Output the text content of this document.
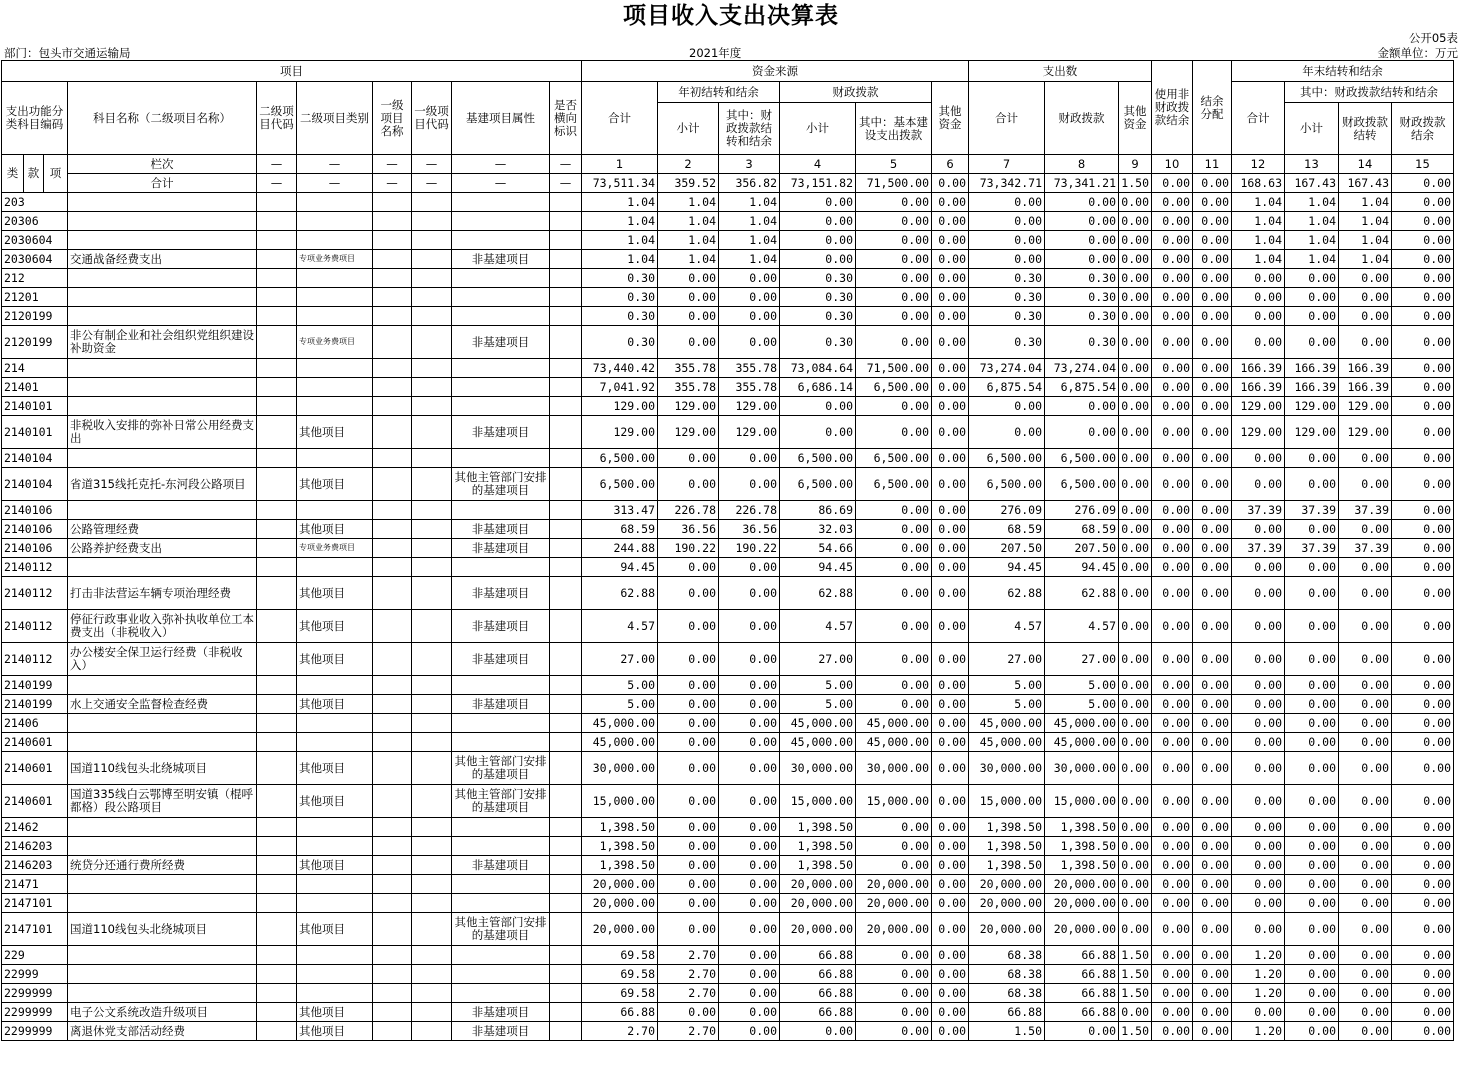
项目收入支出决算表
公开05表
部门：包头市交通运输局	2021年度	金额单位：万元
项目										资金来源						支出数			使用非财政拨款结余	结余分配	年末结转和结余			
支出功能分类科目编码			科目名称（二级项目名称）	二级项目代码	二级项目类别	一级项目名称	一级项目代码	基建项目属性	是否横向标识	合计	年初结转和结余		财政拨款		其他资金	合计	财政拨款	其他资金			合计	其中：财政拨款结转和结余		
											小计	其中：财政拨款结转和结余	小计	其中：基本建设支出拨款								小计	财政拨款结转	财政拨款结余

类	款	项	栏次	—	—	—	—	—	—	1	2	3	4	5	6	7	8	9	10	11	12	13	14	15
			合计	—	—	—	—	—	—	73,511.34	359.52	356.82	73,151.82	71,500.00	0.00	73,342.71	73,341.21	1.50	0.00	0.00	168.63	167.43	167.43	0.00
203										1.04	1.04	1.04	0.00	0.00	0.00	0.00	0.00	0.00	0.00	0.00	1.04	1.04	1.04	0.00
20306										1.04	1.04	1.04	0.00	0.00	0.00	0.00	0.00	0.00	0.00	0.00	1.04	1.04	1.04	0.00
2030604										1.04	1.04	1.04	0.00	0.00	0.00	0.00	0.00	0.00	0.00	0.00	1.04	1.04	1.04	0.00
2030604			交通战备经费支出		专项业务费项目			非基建项目		1.04	1.04	1.04	0.00	0.00	0.00	0.00	0.00	0.00	0.00	0.00	1.04	1.04	1.04	0.00
212										0.30	0.00	0.00	0.30	0.00	0.00	0.30	0.30	0.00	0.00	0.00	0.00	0.00	0.00	0.00
21201										0.30	0.00	0.00	0.30	0.00	0.00	0.30	0.30	0.00	0.00	0.00	0.00	0.00	0.00	0.00
2120199										0.30	0.00	0.00	0.30	0.00	0.00	0.30	0.30	0.00	0.00	0.00	0.00	0.00	0.00	0.00
2120199			非公有制企业和社会组织党组织建设补助资金		专项业务费项目			非基建项目		0.30	0.00	0.00	0.30	0.00	0.00	0.30	0.30	0.00	0.00	0.00	0.00	0.00	0.00	0.00
214										73,440.42	355.78	355.78	73,084.64	71,500.00	0.00	73,274.04	73,274.04	0.00	0.00	0.00	166.39	166.39	166.39	0.00
21401										7,041.92	355.78	355.78	6,686.14	6,500.00	0.00	6,875.54	6,875.54	0.00	0.00	0.00	166.39	166.39	166.39	0.00
2140101										129.00	129.00	129.00	0.00	0.00	0.00	0.00	0.00	0.00	0.00	0.00	129.00	129.00	129.00	0.00
2140101			非税收入安排的弥补日常公用经费支出		其他项目			非基建项目		129.00	129.00	129.00	0.00	0.00	0.00	0.00	0.00	0.00	0.00	0.00	129.00	129.00	129.00	0.00
2140104										6,500.00	0.00	0.00	6,500.00	6,500.00	0.00	6,500.00	6,500.00	0.00	0.00	0.00	0.00	0.00	0.00	0.00
2140104			省道315线托克托-东河段公路项目		其他项目			其他主管部门安排的基建项目		6,500.00	0.00	0.00	6,500.00	6,500.00	0.00	6,500.00	6,500.00	0.00	0.00	0.00	0.00	0.00	0.00	0.00
2140106										313.47	226.78	226.78	86.69	0.00	0.00	276.09	276.09	0.00	0.00	0.00	37.39	37.39	37.39	0.00
2140106			公路管理经费		其他项目			非基建项目		68.59	36.56	36.56	32.03	0.00	0.00	68.59	68.59	0.00	0.00	0.00	0.00	0.00	0.00	0.00
2140106			公路养护经费支出		专项业务费项目			非基建项目		244.88	190.22	190.22	54.66	0.00	0.00	207.50	207.50	0.00	0.00	0.00	37.39	37.39	37.39	0.00
2140112										94.45	0.00	0.00	94.45	0.00	0.00	94.45	94.45	0.00	0.00	0.00	0.00	0.00	0.00	0.00
2140112			打击非法营运车辆专项治理经费		其他项目			非基建项目		62.88	0.00	0.00	62.88	0.00	0.00	62.88	62.88	0.00	0.00	0.00	0.00	0.00	0.00	0.00
2140112			停征行政事业收入弥补执收单位工本费支出（非税收入）		其他项目			非基建项目		4.57	0.00	0.00	4.57	0.00	0.00	4.57	4.57	0.00	0.00	0.00	0.00	0.00	0.00	0.00
2140112			办公楼安全保卫运行经费（非税收入）		其他项目			非基建项目		27.00	0.00	0.00	27.00	0.00	0.00	27.00	27.00	0.00	0.00	0.00	0.00	0.00	0.00	0.00
2140199										5.00	0.00	0.00	5.00	0.00	0.00	5.00	5.00	0.00	0.00	0.00	0.00	0.00	0.00	0.00
2140199			水上交通安全监督检查经费		其他项目			非基建项目		5.00	0.00	0.00	5.00	0.00	0.00	5.00	5.00	0.00	0.00	0.00	0.00	0.00	0.00	0.00
21406										45,000.00	0.00	0.00	45,000.00	45,000.00	0.00	45,000.00	45,000.00	0.00	0.00	0.00	0.00	0.00	0.00	0.00
2140601										45,000.00	0.00	0.00	45,000.00	45,000.00	0.00	45,000.00	45,000.00	0.00	0.00	0.00	0.00	0.00	0.00	0.00
2140601			国道110线包头北绕城项目		其他项目			其他主管部门安排的基建项目		30,000.00	0.00	0.00	30,000.00	30,000.00	0.00	30,000.00	30,000.00	0.00	0.00	0.00	0.00	0.00	0.00	0.00
2140601			国道335线白云鄂博至明安镇（棍呼都格）段公路项目		其他项目			其他主管部门安排的基建项目		15,000.00	0.00	0.00	15,000.00	15,000.00	0.00	15,000.00	15,000.00	0.00	0.00	0.00	0.00	0.00	0.00	0.00
21462										1,398.50	0.00	0.00	1,398.50	0.00	0.00	1,398.50	1,398.50	0.00	0.00	0.00	0.00	0.00	0.00	0.00
2146203										1,398.50	0.00	0.00	1,398.50	0.00	0.00	1,398.50	1,398.50	0.00	0.00	0.00	0.00	0.00	0.00	0.00
2146203			统贷分还通行费所经费		其他项目			非基建项目		1,398.50	0.00	0.00	1,398.50	0.00	0.00	1,398.50	1,398.50	0.00	0.00	0.00	0.00	0.00	0.00	0.00
21471										20,000.00	0.00	0.00	20,000.00	20,000.00	0.00	20,000.00	20,000.00	0.00	0.00	0.00	0.00	0.00	0.00	0.00
2147101										20,000.00	0.00	0.00	20,000.00	20,000.00	0.00	20,000.00	20,000.00	0.00	0.00	0.00	0.00	0.00	0.00	0.00
2147101			国道110线包头北绕城项目		其他项目			其他主管部门安排的基建项目		20,000.00	0.00	0.00	20,000.00	20,000.00	0.00	20,000.00	20,000.00	0.00	0.00	0.00	0.00	0.00	0.00	0.00
229										69.58	2.70	0.00	66.88	0.00	0.00	68.38	66.88	1.50	0.00	0.00	1.20	0.00	0.00	0.00
22999										69.58	2.70	0.00	66.88	0.00	0.00	68.38	66.88	1.50	0.00	0.00	1.20	0.00	0.00	0.00
2299999										69.58	2.70	0.00	66.88	0.00	0.00	68.38	66.88	1.50	0.00	0.00	1.20	0.00	0.00	0.00
2299999			电子公文系统改造升级项目		其他项目			非基建项目		66.88	0.00	0.00	66.88	0.00	0.00	66.88	66.88	0.00	0.00	0.00	0.00	0.00	0.00	0.00
2299999			离退休党支部活动经费		其他项目			非基建项目		2.70	2.70	0.00	0.00	0.00	0.00	1.50	0.00	1.50	0.00	0.00	1.20	0.00	0.00	0.00
